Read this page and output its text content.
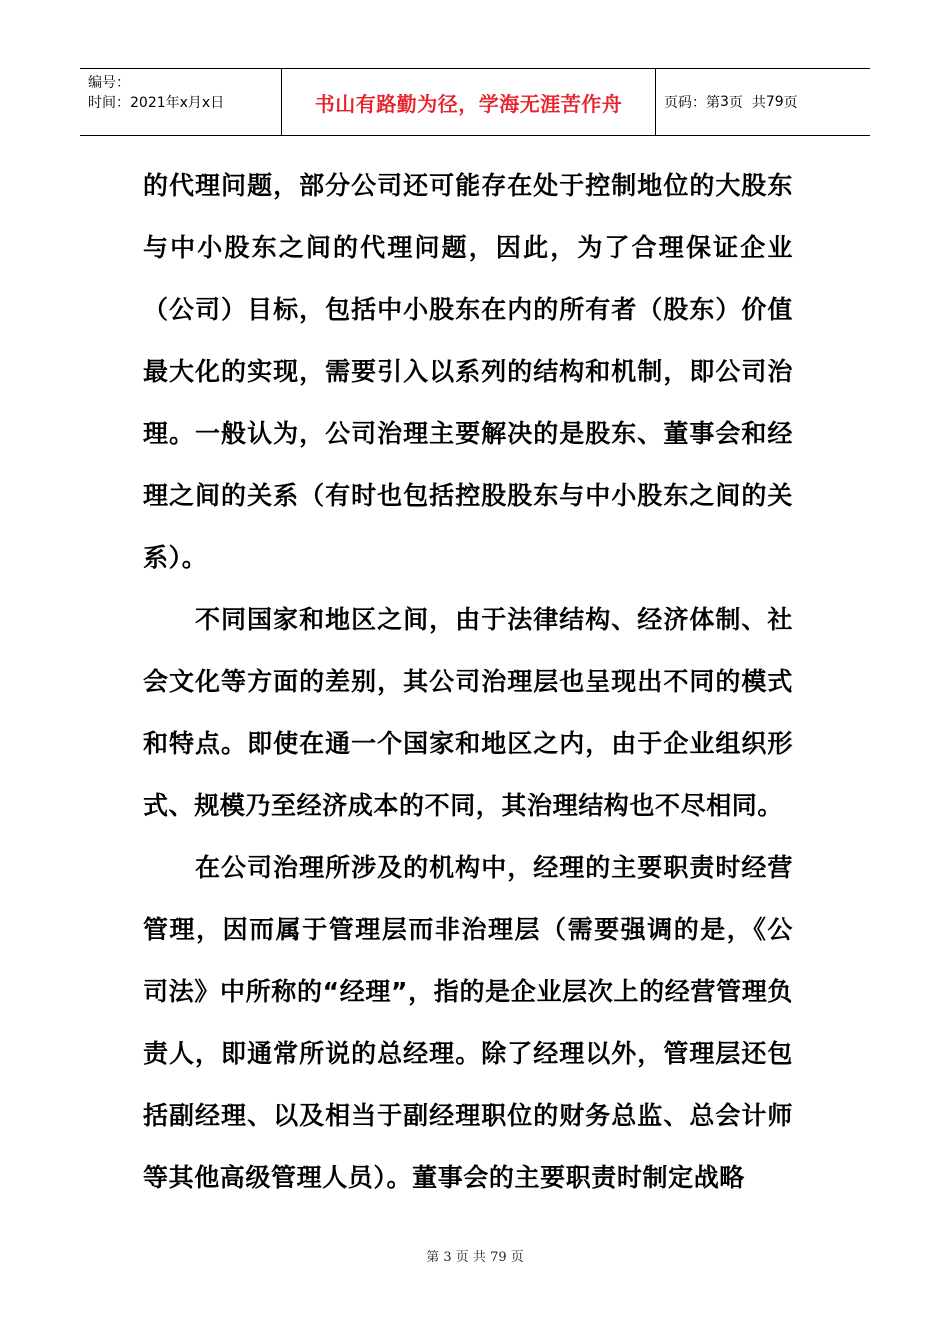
编号：
时间：2021年x月x日	书山有路勤为径，学海无涯苦作舟	页码：第 3 页  共 79 页

的代理问题，部分公司还可能存在处于控制地位的大股东与中小股东之间的代理问题，因此，为了合理保证企业（公司）目标，包括中小股东在内的所有者（股东）价值最大化的实现，需要引入以系列的结构和机制，即公司治理。一般认为，公司治理主要解决的是股东、董事会和经理之间的关系（有时也包括控股股东与中小股东之间的关系）。

不同国家和地区之间，由于法律结构、经济体制、社会文化等方面的差别，其公司治理层也呈现出不同的模式和特点。即使在通一个国家和地区之内，由于企业组织形式、规模乃至经济成本的不同，其治理结构也不尽相同。

在公司治理所涉及的机构中，经理的主要职责时经营管理，因而属于管理层而非治理层（需要强调的是，《公司法》中所称的“经理”，指的是企业层次上的经营管理负责人，即通常所说的总经理。除了经理以外，管理层还包括副经理、以及相当于副经理职位的财务总监、总会计师等其他高级管理人员）。董事会的主要职责时制定战略

第 3 页 共 79 页
